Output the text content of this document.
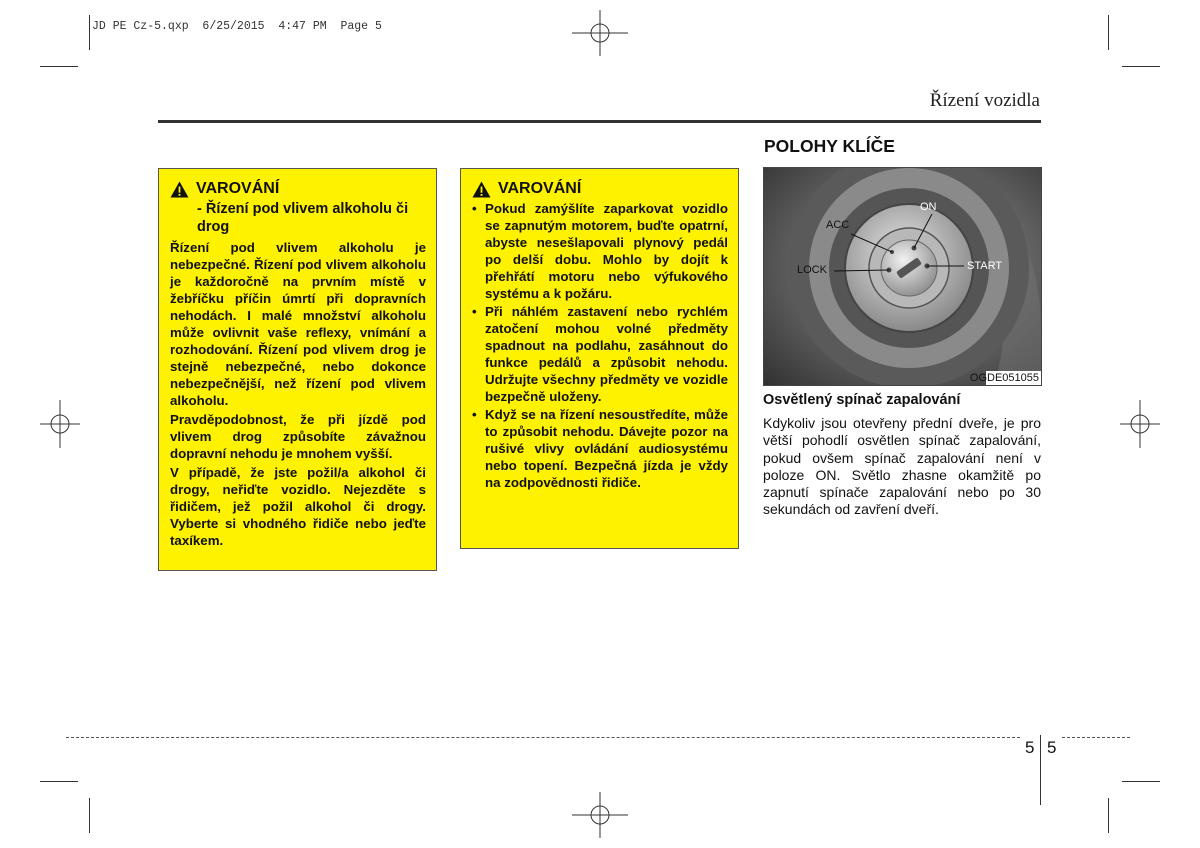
JD PE Cz-5.qxp  6/25/2015  4:47 PM  Page 5
Řízení vozidla
VAROVÁNÍ
- Řízení pod vlivem alkoholu či drog

Řízení pod vlivem alkoholu je nebezpečné. Řízení pod vlivem alkoholu je každoročně na prvním místě v žebříčku příčin úmrtí při dopravních nehodách. I malé množství alkoholu může ovlivnit vaše reflexy, vnímání a rozhodování. Řízení pod vlivem drog je stejně nebezpečné, nebo dokonce nebezpečnější, než řízení pod vlivem alkoholu.

Pravděpodobnost, že při jízdě pod vlivem drog způsobíte závažnou dopravní nehodu je mnohem vyšší.

V případě, že jste požil/a alkohol či drogy, neřiďte vozidlo. Nejezděte s řidičem, jež požil alkohol či drogy. Vyberte si vhodného řidiče nebo jeďte taxíkem.

VAROVÁNÍ
• Pokud zamýšlíte zaparkovat vozidlo se zapnutým motorem, buďte opatrní, abyste nesešlapovali plynový pedál po delší dobu. Mohlo by dojít k přehřátí motoru nebo výfukového systému a k požáru.
• Při náhlém zastavení nebo rychlém zatočení mohou volné předměty spadnout na podlahu, zasáhnout do funkce pedálů a způsobit nehodu. Udržujte všechny předměty ve vozidle bezpečně uloženy.
• Když se na řízení nesoustředíte, může to způsobit nehodu. Dávejte pozor na rušivé vlivy ovládání audiosystému nebo topení. Bezpečná jízda je vždy na zodpovědnosti řidiče.
POLOHY KLÍČE
ACC
ON
LOCK	START
OGDE051055
Osvětlený spínač zapalování
Kdykoliv jsou otevřeny přední dveře, je pro větší pohodlí osvětlen spínač zapalování, pokud ovšem spínač zapalování není v poloze ON. Světlo zhasne okamžitě po zapnutí spínače zapalování nebo po 30 sekundách od zavření dveří.
5 5
